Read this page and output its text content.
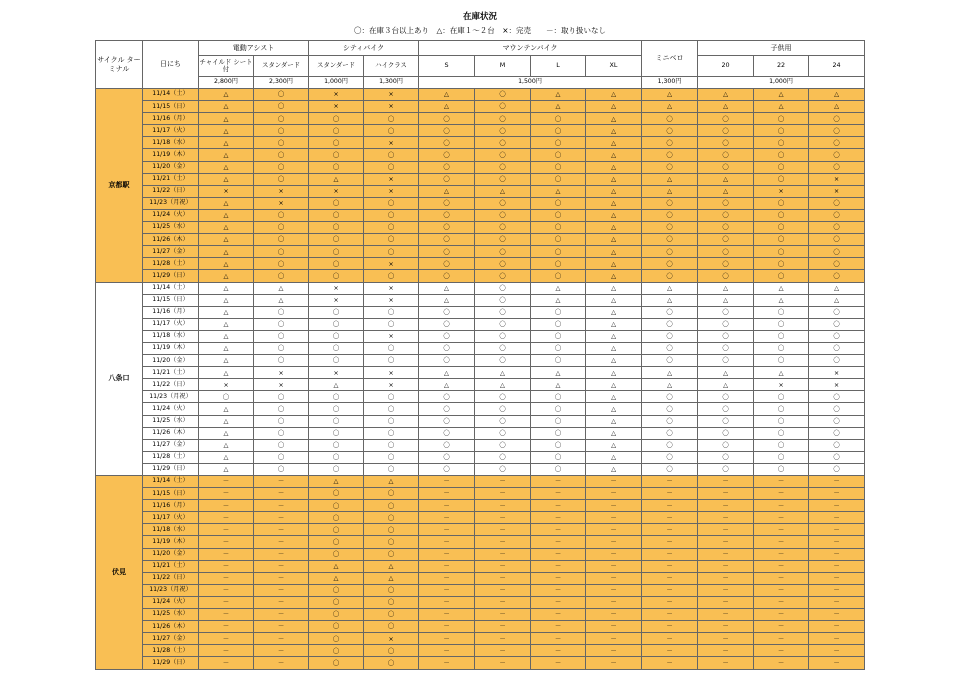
在庫状況
〇：在庫３台以上あり　△：在庫１～２台　×：完売　　－：取り扱いなし
サイクル ターミナル	日にち	電動アシスト		シティバイク		マウンテンバイク				ミニベロ	子供用		
		チャイルド シート付	スタンダード	スタンダード	ハイクラス	S	M	L	XL		20	22	24
		2,800円	2,300円	1,000円	1,300円	1,500円				1,300円	1,000円		
京都駅	11/14（土）	△	〇	×	×	△	〇	△	△	△	△	△	△
	11/15（日）	△	〇	×	×	△	〇	△	△	△	△	△	△
	11/16（月）	△	〇	〇	〇	〇	〇	〇	△	〇	〇	〇	〇
	11/17（火）	△	〇	〇	〇	〇	〇	〇	△	〇	〇	〇	〇
	11/18（水）	△	〇	〇	×	〇	〇	〇	△	〇	〇	〇	〇
	11/19（木）	△	〇	〇	〇	〇	〇	〇	△	〇	〇	〇	〇
	11/20（金）	△	〇	〇	〇	〇	〇	〇	△	〇	〇	〇	〇
	11/21（土）	△	〇	△	×	〇	〇	〇	△	△	△	〇	×
	11/22（日）	×	×	×	×	△	△	△	△	△	△	×	×
	11/23（月祝）	△	×	〇	〇	〇	〇	〇	△	〇	〇	〇	〇
	11/24（火）	△	〇	〇	〇	〇	〇	〇	△	〇	〇	〇	〇
	11/25（水）	△	〇	〇	〇	〇	〇	〇	△	〇	〇	〇	〇
	11/26（木）	△	〇	〇	〇	〇	〇	〇	△	〇	〇	〇	〇
	11/27（金）	△	〇	〇	〇	〇	〇	〇	△	〇	〇	〇	〇
	11/28（土）	△	〇	〇	×	〇	〇	〇	△	〇	〇	〇	〇
	11/29（日）	△	〇	〇	〇	〇	〇	〇	△	〇	〇	〇	〇
八条口	11/14（土）	△	△	×	×	△	〇	△	△	△	△	△	△
	11/15（日）	△	△	×	×	△	〇	△	△	△	△	△	△
	11/16（月）	△	〇	〇	〇	〇	〇	〇	△	〇	〇	〇	〇
	11/17（火）	△	〇	〇	〇	〇	〇	〇	△	〇	〇	〇	〇
	11/18（水）	△	〇	〇	×	〇	〇	〇	△	〇	〇	〇	〇
	11/19（木）	△	〇	〇	〇	〇	〇	〇	△	〇	〇	〇	〇
	11/20（金）	△	〇	〇	〇	〇	〇	〇	△	〇	〇	〇	〇
	11/21（土）	△	×	×	×	△	△	△	△	△	△	△	×
	11/22（日）	×	×	△	×	△	△	△	△	△	△	×	×
	11/23（月祝）	〇	〇	〇	〇	〇	〇	〇	△	〇	〇	〇	〇
	11/24（火）	△	〇	〇	〇	〇	〇	〇	△	〇	〇	〇	〇
	11/25（水）	△	〇	〇	〇	〇	〇	〇	△	〇	〇	〇	〇
	11/26（木）	△	〇	〇	〇	〇	〇	〇	△	〇	〇	〇	〇
	11/27（金）	△	〇	〇	〇	〇	〇	〇	△	〇	〇	〇	〇
	11/28（土）	△	〇	〇	〇	〇	〇	〇	△	〇	〇	〇	〇
	11/29（日）	△	〇	〇	〇	〇	〇	〇	△	〇	〇	〇	〇
伏見	11/14（土）	－	－	△	△	－	－	－	－	－	－	－	－
	11/15（日）	－	－	〇	〇	－	－	－	－	－	－	－	－
	11/16（月）	－	－	〇	〇	－	－	－	－	－	－	－	－
	11/17（火）	－	－	〇	〇	－	－	－	－	－	－	－	－
	11/18（水）	－	－	〇	〇	－	－	－	－	－	－	－	－
	11/19（木）	－	－	〇	〇	－	－	－	－	－	－	－	－
	11/20（金）	－	－	〇	〇	－	－	－	－	－	－	－	－
	11/21（土）	－	－	△	△	－	－	－	－	－	－	－	－
	11/22（日）	－	－	△	△	－	－	－	－	－	－	－	－
	11/23（月祝）	－	－	〇	〇	－	－	－	－	－	－	－	－
	11/24（火）	－	－	〇	〇	－	－	－	－	－	－	－	－
	11/25（水）	－	－	〇	〇	－	－	－	－	－	－	－	－
	11/26（木）	－	－	〇	〇	－	－	－	－	－	－	－	－
	11/27（金）	－	－	〇	×	－	－	－	－	－	－	－	－
	11/28（土）	－	－	〇	〇	－	－	－	－	－	－	－	－
	11/29（日）	－	－	〇	〇	－	－	－	－	－	－	－	－
